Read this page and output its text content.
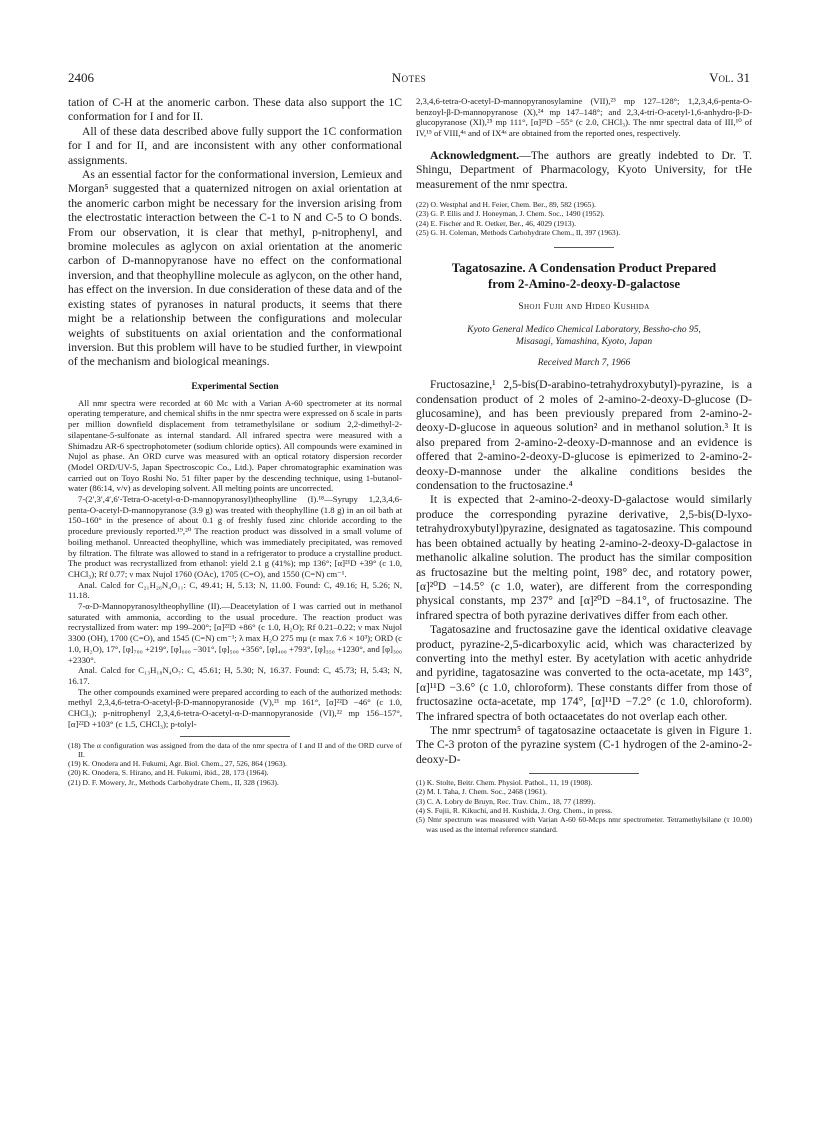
2406	Notes	Vol. 31

tation of C-H at the anomeric carbon. These data also support the 1C conformation for I and for II.

All of these data described above fully support the 1C conformation for I and for II, and are inconsistent with any other conformational assignments.

As an essential factor for the conformational inversion, Lemieux and Morgan⁵ suggested that a quaternized nitrogen on axial orientation at the anomeric carbon might be necessary for the inversion arising from the electrostatic interaction between the C-1 to N and C-5 to O bonds. From our observation, it is clear that methyl, p-nitrophenyl, and bromine molecules as aglycon on axial orientation at the anomeric carbon of D-mannopyranose have no effect on the conformational inversion, and that theophylline molecule as aglycon, on the other hand, has effect on the inversion. In due consideration of these data and of the existing states of pyranoses in natural products, it seems that there might be a relationship between the configurations and molecular weights of substituents on axial orientation and the conformational inversion. But this problem will have to be studied further, in viewpoint of the mechanism and biological meanings.

Experimental Section

All nmr spectra were recorded at 60 Mc with a Varian A-60 spectrometer at its normal operating temperature, and chemical shifts in the nmr spectra were expressed on δ scale in parts per million downfield displacement from tetramethylsilane or sodium 2,2-dimethyl-2-silapentane-5-sulfonate as internal standard. All infrared spectra were measured with a Shimadzu AR-6 spectrophotometer (sodium chloride optics). All compounds were examined in Nujol as phase. An ORD curve was measured with an optical rotatory dispersion recorder (Model ORD/UV-5, Japan Spectroscopic Co., Ltd.). Paper chromatographic examination was carried out on Toyo Roshi No. 51 filter paper by the descending technique, using 1-butanol-water (86:14, v/v) as developing solvent. All melting points are uncorrected.

7-(2′,3′,4′,6′-Tetra-O-acetyl-α-D-mannopyranosyl)theophylline (I).¹⁸—Syrupy 1,2,3,4,6-penta-O-acetyl-D-mannopyranose (3.9 g) was treated with theophylline (1.8 g) in an oil bath at 150–160° in the presence of about 0.1 g of freshly fused zinc chloride according to the procedure previously reported.¹⁹,²⁰ The reaction product was dissolved in a small volume of boiling methanol. Unreacted theophylline, which was immediately precipitated, was removed by filtration. The filtrate was allowed to stand in a refrigerator to produce a crystalline product. The product was recrystallized from ethanol: yield 2.1 g (41%); mp 136°; [α]²¹D +39° (c 1.0, CHCl₃); Rf 0.77; ν max Nujol 1760 (OAc), 1705 (C=O), and 1550 (C=N) cm⁻¹.

Anal. Calcd for C₂₁H₂₆N₄O₁₁: C, 49.41; H, 5.13; N, 11.00. Found: C, 49.16; H, 5.26; N, 11.18.

7-α-D-Mannopyranosyltheophylline (II).—Deacetylation of I was carried out in methanol saturated with ammonia, according to the usual procedure. The reaction product was recrystallized from water: mp 199–200°; [α]²²D +86° (c 1.0, H₂O); Rf 0.21–0.22; ν max Nujol 3300 (OH), 1700 (C=O), and 1545 (C=N) cm⁻¹; λ max H₂O 275 mμ (ε max 7.6 × 10³); ORD (c 1.0, H₂O), 17°, [φ]₇₀₀ +219°, [φ]₆₀₀ −301°, [φ]₅₀₀ +356°, [φ]₄₀₀ +793°, [φ]₃₅₀ +1230°, and [φ]₃₀₀ +2330°.

Anal. Calcd for C₁₃H₁₈N₄O₇: C, 45.61; H, 5.30; N, 16.37. Found: C, 45.73; H, 5.43; N, 16.17.

The other compounds examined were prepared according to each of the authorized methods: methyl 2,3,4,6-tetra-O-acetyl-β-D-mannopyranoside (V),²¹ mp 161°, [α]²²D −46° (c 1.0, CHCl₃); p-nitrophenyl 2,3,4,6-tetra-O-acetyl-α-D-mannopyranoside (VI),²² mp 156–157°, [α]²²D +103° (c 1.5, CHCl₃); p-tolyl-

(18) The α configuration was assigned from the data of the nmr spectra of I and II and of the ORD curve of II.

(19) K. Onodera and H. Fukumi, Agr. Biol. Chem., 27, 526, 864 (1963).

(20) K. Onodera, S. Hirano, and H. Fukumi, ibid., 28, 173 (1964).

(21) D. F. Mowery, Jr., Methods Carbohydrate Chem., II, 328 (1963).

2,3,4,6-tetra-O-acetyl-D-mannopyranosylamine (VII),²³ mp 127–128°; 1,2,3,4,6-penta-O-benzoyl-β-D-mannopyranose (X),²⁴ mp 147–148°; and 2,3,4-tri-O-acetyl-1,6-anhydro-β-D-glucopyranose (XI),²⁵ mp 111°, [α]²³D −55° (c 2.0, CHCl₃). The nmr spectral data of III,¹⁰ of IV,¹⁵ of VIII,⁴ᵃ and of IX⁴ᵃ are obtained from the reported ones, respectively.

Acknowledgment.—The authors are greatly indebted to Dr. T. Shingu, Department of Pharmacology, Kyoto University, for tHe measurement of the nmr spectra.

(22) O. Westphal and H. Feier, Chem. Ber., 89, 582 (1965).

(23) G. P. Ellis and J. Honeyman, J. Chem. Soc., 1490 (1952).

(24) E. Fischer and R. Oetker, Ber., 46, 4029 (1913).

(25) G. H. Coleman, Methods Carbohydrate Chem., II, 397 (1963).

Tagatosazine. A Condensation Product Prepared
from 2-Amino-2-deoxy-D-galactose
Shoji Fujii and Hideo Kushida
Kyoto General Medico Chemical Laboratory, Bessho-cho 95,
Misasagi, Yamashina, Kyoto, Japan
Received March 7, 1966

Fructosazine,¹ 2,5-bis(D-arabino-tetrahydroxybutyl)-pyrazine, is a condensation product of 2 moles of 2-amino-2-deoxy-D-glucose (D-glucosamine), and has been previously prepared from 2-amino-2-deoxy-D-glucose in aqueous solution² and in methanol solution.³ It is also prepared from 2-amino-2-deoxy-D-mannose and an evidence is offered that 2-amino-2-deoxy-D-glucose is epimerized to 2-amino-2-deoxy-D-mannose under the alkaline conditions besides the condensation to the fructosazine.⁴

It is expected that 2-amino-2-deoxy-D-galactose would similarly produce the corresponding pyrazine derivative, 2,5-bis(D-lyxo-tetrahydroxybutyl)pyrazine, designated as tagatosazine. This compound has been obtained actually by heating 2-amino-2-deoxy-D-galactose in methanolic alkaline solution. The product has the similar composition as fructosazine but the melting point, 198° dec, and rotatory power, [α]²⁰D −14.5° (c 1.0, water), are different from the corresponding physical constants, mp 237° and [α]²⁰D −84.1°, of fructosazine. The infrared spectra of both pyrazine derivatives differ from each other.

Tagatosazine and fructosazine gave the identical oxidative cleavage product, pyrazine-2,5-dicarboxylic acid, which was characterized by converting into the methyl ester. By acetylation with acetic anhydride and pyridine, tagatosazine was converted to the octa-acetate, mp 143°, [α]¹¹D −3.6° (c 1.0, chloroform). These constants differ from those of fructosazine octa-acetate, mp 174°, [α]¹¹D −7.2° (c 1.0, chloroform). The infrared spectra of both octaacetates do not overlap each other.

The nmr spectrum⁵ of tagatosazine octaacetate is given in Figure 1. The C-3 proton of the pyrazine system (C-1 hydrogen of the 2-amino-2-deoxy-D-

(1) K. Stolte, Beitr. Chem. Physiol. Pathol., 11, 19 (1908).

(2) M. I. Taha, J. Chem. Soc., 2468 (1961).

(3) C. A. Lobry de Bruyn, Rec. Trav. Chim., 18, 77 (1899).

(4) S. Fujii, R. Kikuchi, and H. Kushida, J. Org. Chem., in press.

(5) Nmr spectrum was measured with Varian A-60 60-Mcps nmr spectrometer. Tetramethylsilane (τ 10.00) was used as the internal reference standard.
